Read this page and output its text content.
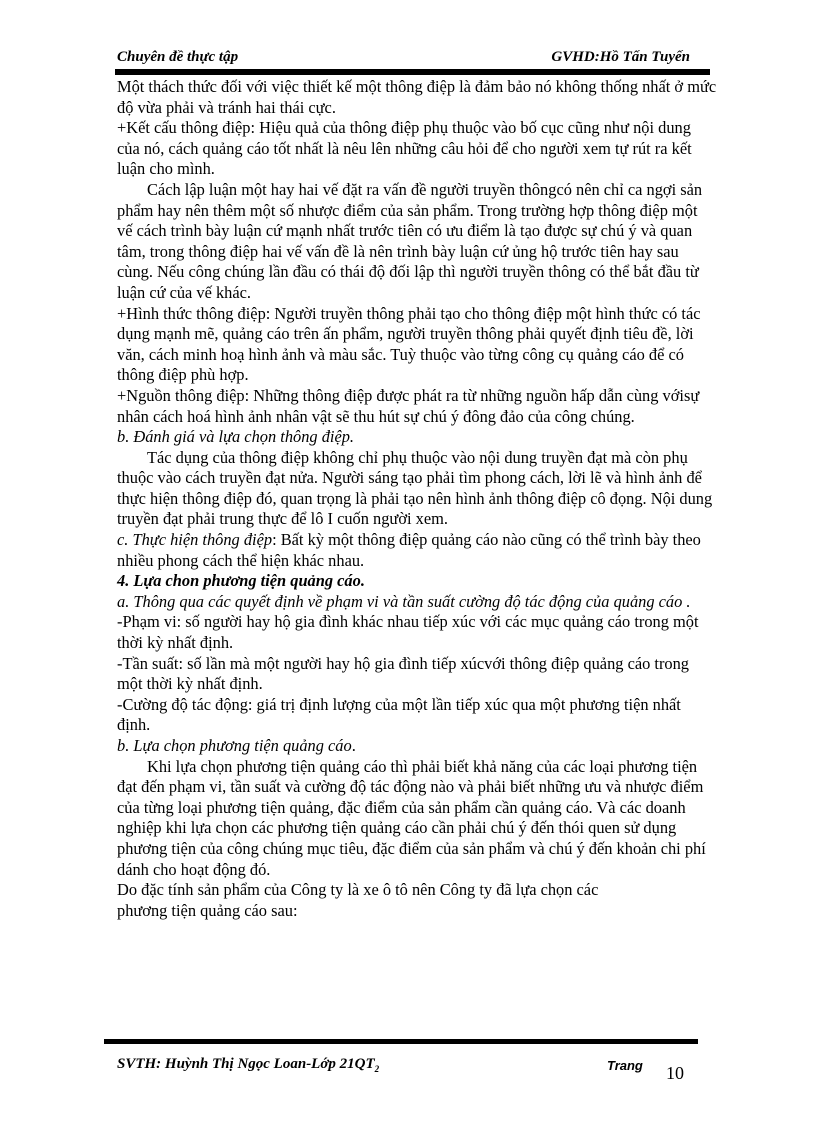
Chuyên đề thực tập	GVHD:Hồ Tấn Tuyến

Một thách thức đối với việc thiết kế một thông điệp là đảm bảo nó không thống nhất ở mức độ vừa phải và tránh hai thái cực.

+Kết cấu thông điệp: Hiệu quả của thông điệp phụ thuộc vào bố cục cũng như nội dung của nó, cách quảng cáo tốt nhất là nêu lên những câu hỏi để cho người xem tự rút ra kết luận cho mình.

Cách lập luận một hay hai vế đặt ra vấn đề người truyền thôngcó nên chỉ ca ngợi sản phẩm hay nên thêm một số nhược điểm của sản phẩm. Trong trường hợp thông điệp một vế cách trình bày luận cứ mạnh nhất trước tiên có ưu điểm là tạo được sự chú ý và quan tâm, trong thông điệp hai vế vấn đề là nên trình bày luận cứ ủng hộ trước tiên hay sau cùng. Nếu công chúng lần đầu có thái độ đối lập thì người truyền thông có thể bắt đầu từ luận cứ của vế khác.

+Hình thức thông điệp: Người truyền thông phải tạo cho thông điệp một hình thức có tác dụng mạnh mẽ, quảng cáo trên ấn phẩm, người truyền thông phải quyết định tiêu đề, lời văn, cách minh hoạ hình ảnh và màu sắc. Tuỳ thuộc vào từng công cụ quảng cáo để có thông điệp phù hợp.

+Nguồn thông điệp: Những thông điệp được phát ra từ những nguồn hấp dẫn cùng vớisự nhân cách hoá hình ảnh nhân vật sẽ thu hút sự chú ý đông đảo của công chúng.

b. Đánh giá và lựa chọn thông điệp.

Tác dụng của thông điệp không chỉ phụ thuộc vào nội dung truyền đạt mà còn phụ thuộc vào cách truyền đạt nửa. Người sáng tạo phải tìm phong cách, lời lẽ và hình ảnh để thực hiện thông điệp đó, quan trọng là phải tạo nên hình ảnh thông điệp cô đọng. Nội dung truyền đạt phải trung thực để lô I cuốn người xem.

c. Thực hiện thông điệp: Bất kỳ một thông điệp quảng cáo nào cũng có thể trình bày theo nhiều phong cách thể hiện khác nhau.

4. Lựa chon phương tiện quảng cáo.

a. Thông qua các quyết định về phạm vi và tần suất cường độ tác động của quảng cáo .

-Phạm vi: số người hay hộ gia đình khác nhau tiếp xúc với các mục quảng cáo trong một thời kỳ nhất định.

-Tần suất: số lần mà một người hay hộ gia đình tiếp xúcvới thông điệp quảng cáo trong một thời kỳ nhất định.

-Cường độ tác động: giá trị định lượng của một lần tiếp xúc qua một phương tiện nhất định.

b. Lựa chọn phương tiện quảng cáo.

Khi lựa chọn phương tiện quảng cáo thì phải biết khả năng của các loại phương tiện đạt đến phạm vi, tần suất và cường độ tác động nào và phải biết những ưu và nhược điểm của từng loại phương tiện quảng, đặc điểm của sản phẩm cần quảng cáo. Và các doanh nghiệp khi lựa chọn các phương tiện quảng cáo cần phải chú ý đến thói quen sử dụng phương tiện của công chúng mục tiêu, đặc điểm của sản phẩm và chú ý đến khoản chi phí dánh cho hoạt động đó.

Do đặc tính sản phẩm của Công ty là xe ô tô nên Công ty đã lựa chọn các
phương tiện quảng cáo sau:

SVTH: Huỳnh Thị Ngọc Loan-Lớp $21QT_2$	Trang 10
